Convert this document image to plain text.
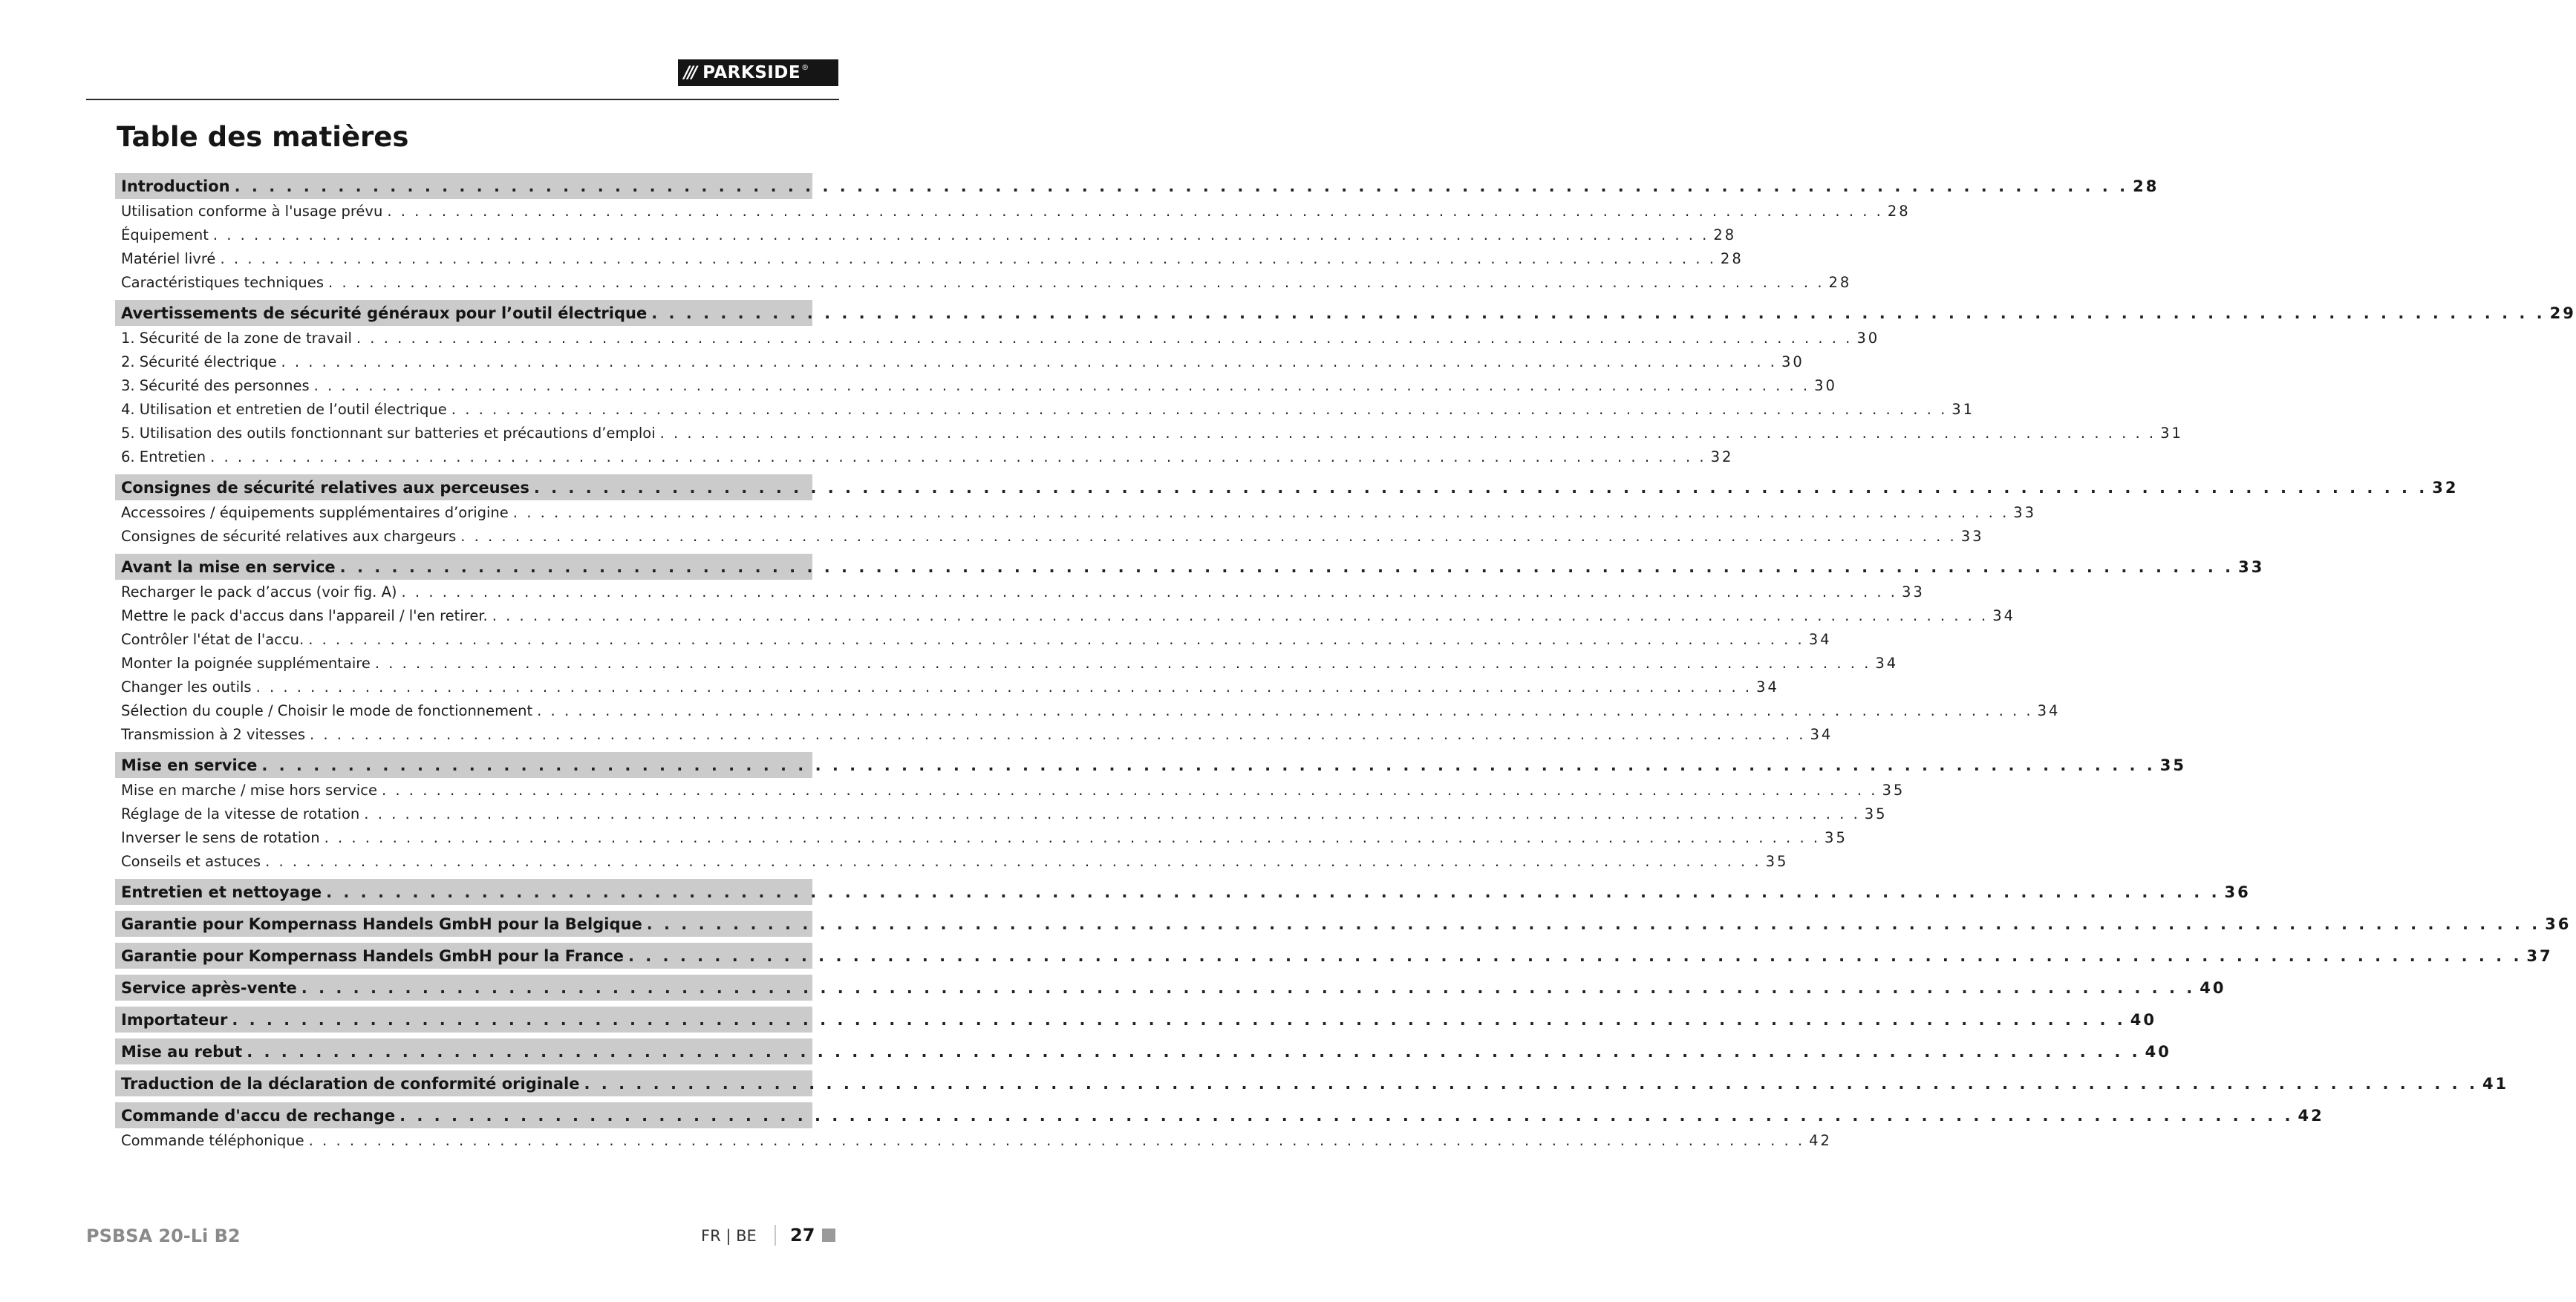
/// PARKSIDE ®
Table des matières
Introduction . . . . . . . . . . . . . . . . . . . . . . . . . . . . . . . . . . . . . . . . . . . . . . . . . . . . . . . . . . . . . . . . . . . . . . . . . . . . . . . . . . . . . . . . . . . . . . . . . . . . . . . . . . . . . . 28
Utilisation conforme à l'usage prévu . . . . . . . . . . . . . . . . . . . . . . . . . . . . . . . . . . . . . . . . . . . . . . . . . . . . . . . . . . . . . . . . . . . . . . . . . . . . . . . . . . . . . . . . . . . . . . . . . . . . . . . . . . . . . . 28
Équipement . . . . . . . . . . . . . . . . . . . . . . . . . . . . . . . . . . . . . . . . . . . . . . . . . . . . . . . . . . . . . . . . . . . . . . . . . . . . . . . . . . . . . . . . . . . . . . . . . . . . . . . . . . . . . . 28
Matériel livré . . . . . . . . . . . . . . . . . . . . . . . . . . . . . . . . . . . . . . . . . . . . . . . . . . . . . . . . . . . . . . . . . . . . . . . . . . . . . . . . . . . . . . . . . . . . . . . . . . . . . . . . . . . . . . 28
Caractéristiques techniques . . . . . . . . . . . . . . . . . . . . . . . . . . . . . . . . . . . . . . . . . . . . . . . . . . . . . . . . . . . . . . . . . . . . . . . . . . . . . . . . . . . . . . . . . . . . . . . . . . . . . . . . . . . . . . 28
Avertissements de sécurité généraux pour l’outil électrique . . . . . . . . . . . . . . . . . . . . . . . . . . . . . . . . . . . . . . . . . . . . . . . . . . . . . . . . . . . . . . . . . . . . . . . . . . . . . . . . . . . . . . . . . . . . . . . . . . . . . . . . . . . . . . 29
1. Sécurité de la zone de travail . . . . . . . . . . . . . . . . . . . . . . . . . . . . . . . . . . . . . . . . . . . . . . . . . . . . . . . . . . . . . . . . . . . . . . . . . . . . . . . . . . . . . . . . . . . . . . . . . . . . . . . . . . . . . . 30
2. Sécurité électrique . . . . . . . . . . . . . . . . . . . . . . . . . . . . . . . . . . . . . . . . . . . . . . . . . . . . . . . . . . . . . . . . . . . . . . . . . . . . . . . . . . . . . . . . . . . . . . . . . . . . . . . . . . . . . . 30
3. Sécurité des personnes . . . . . . . . . . . . . . . . . . . . . . . . . . . . . . . . . . . . . . . . . . . . . . . . . . . . . . . . . . . . . . . . . . . . . . . . . . . . . . . . . . . . . . . . . . . . . . . . . . . . . . . . . . . . . . 30
4. Utilisation et entretien de l’outil électrique . . . . . . . . . . . . . . . . . . . . . . . . . . . . . . . . . . . . . . . . . . . . . . . . . . . . . . . . . . . . . . . . . . . . . . . . . . . . . . . . . . . . . . . . . . . . . . . . . . . . . . . . . . . . . . 31
5. Utilisation des outils fonctionnant sur batteries et précautions d’emploi . . . . . . . . . . . . . . . . . . . . . . . . . . . . . . . . . . . . . . . . . . . . . . . . . . . . . . . . . . . . . . . . . . . . . . . . . . . . . . . . . . . . . . . . . . . . . . . . . . . . . . . . . . . . . . 31
6. Entretien . . . . . . . . . . . . . . . . . . . . . . . . . . . . . . . . . . . . . . . . . . . . . . . . . . . . . . . . . . . . . . . . . . . . . . . . . . . . . . . . . . . . . . . . . . . . . . . . . . . . . . . . . . . . . . 32
Consignes de sécurité relatives aux perceuses . . . . . . . . . . . . . . . . . . . . . . . . . . . . . . . . . . . . . . . . . . . . . . . . . . . . . . . . . . . . . . . . . . . . . . . . . . . . . . . . . . . . . . . . . . . . . . . . . . . . . . . . . . . . . . 32
Accessoires / équipements supplémentaires d’origine . . . . . . . . . . . . . . . . . . . . . . . . . . . . . . . . . . . . . . . . . . . . . . . . . . . . . . . . . . . . . . . . . . . . . . . . . . . . . . . . . . . . . . . . . . . . . . . . . . . . . . . . . . . . . . 33
Consignes de sécurité relatives aux chargeurs . . . . . . . . . . . . . . . . . . . . . . . . . . . . . . . . . . . . . . . . . . . . . . . . . . . . . . . . . . . . . . . . . . . . . . . . . . . . . . . . . . . . . . . . . . . . . . . . . . . . . . . . . . . . . . 33
Avant la mise en service . . . . . . . . . . . . . . . . . . . . . . . . . . . . . . . . . . . . . . . . . . . . . . . . . . . . . . . . . . . . . . . . . . . . . . . . . . . . . . . . . . . . . . . . . . . . . . . . . . . . . . . . . . . . . . 33
Recharger le pack d’accus (voir fig. A) . . . . . . . . . . . . . . . . . . . . . . . . . . . . . . . . . . . . . . . . . . . . . . . . . . . . . . . . . . . . . . . . . . . . . . . . . . . . . . . . . . . . . . . . . . . . . . . . . . . . . . . . . . . . . . 33
Mettre le pack d'accus dans l'appareil / l'en retirer. . . . . . . . . . . . . . . . . . . . . . . . . . . . . . . . . . . . . . . . . . . . . . . . . . . . . . . . . . . . . . . . . . . . . . . . . . . . . . . . . . . . . . . . . . . . . . . . . . . . . . . . . . . . . . . 34
Contrôler l'état de l'accu. . . . . . . . . . . . . . . . . . . . . . . . . . . . . . . . . . . . . . . . . . . . . . . . . . . . . . . . . . . . . . . . . . . . . . . . . . . . . . . . . . . . . . . . . . . . . . . . . . . . . . . . . . . . . . . 34
Monter la poignée supplémentaire . . . . . . . . . . . . . . . . . . . . . . . . . . . . . . . . . . . . . . . . . . . . . . . . . . . . . . . . . . . . . . . . . . . . . . . . . . . . . . . . . . . . . . . . . . . . . . . . . . . . . . . . . . . . . . 34
Changer les outils . . . . . . . . . . . . . . . . . . . . . . . . . . . . . . . . . . . . . . . . . . . . . . . . . . . . . . . . . . . . . . . . . . . . . . . . . . . . . . . . . . . . . . . . . . . . . . . . . . . . . . . . . . . . . . 34
Sélection du couple / Choisir le mode de fonctionnement . . . . . . . . . . . . . . . . . . . . . . . . . . . . . . . . . . . . . . . . . . . . . . . . . . . . . . . . . . . . . . . . . . . . . . . . . . . . . . . . . . . . . . . . . . . . . . . . . . . . . . . . . . . . . . 34
Transmission à 2 vitesses . . . . . . . . . . . . . . . . . . . . . . . . . . . . . . . . . . . . . . . . . . . . . . . . . . . . . . . . . . . . . . . . . . . . . . . . . . . . . . . . . . . . . . . . . . . . . . . . . . . . . . . . . . . . . . 34
Mise en service . . . . . . . . . . . . . . . . . . . . . . . . . . . . . . . . . . . . . . . . . . . . . . . . . . . . . . . . . . . . . . . . . . . . . . . . . . . . . . . . . . . . . . . . . . . . . . . . . . . . . . . . . . . . . . 35
Mise en marche / mise hors service . . . . . . . . . . . . . . . . . . . . . . . . . . . . . . . . . . . . . . . . . . . . . . . . . . . . . . . . . . . . . . . . . . . . . . . . . . . . . . . . . . . . . . . . . . . . . . . . . . . . . . . . . . . . . . 35
Réglage de la vitesse de rotation . . . . . . . . . . . . . . . . . . . . . . . . . . . . . . . . . . . . . . . . . . . . . . . . . . . . . . . . . . . . . . . . . . . . . . . . . . . . . . . . . . . . . . . . . . . . . . . . . . . . . . . . . . . . . . 35
Inverser le sens de rotation . . . . . . . . . . . . . . . . . . . . . . . . . . . . . . . . . . . . . . . . . . . . . . . . . . . . . . . . . . . . . . . . . . . . . . . . . . . . . . . . . . . . . . . . . . . . . . . . . . . . . . . . . . . . . . 35
Conseils et astuces . . . . . . . . . . . . . . . . . . . . . . . . . . . . . . . . . . . . . . . . . . . . . . . . . . . . . . . . . . . . . . . . . . . . . . . . . . . . . . . . . . . . . . . . . . . . . . . . . . . . . . . . . . . . . . 35
Entretien et nettoyage . . . . . . . . . . . . . . . . . . . . . . . . . . . . . . . . . . . . . . . . . . . . . . . . . . . . . . . . . . . . . . . . . . . . . . . . . . . . . . . . . . . . . . . . . . . . . . . . . . . . . . . . . . . . . . 36
Garantie pour Kompernass Handels GmbH pour la Belgique . . . . . . . . . . . . . . . . . . . . . . . . . . . . . . . . . . . . . . . . . . . . . . . . . . . . . . . . . . . . . . . . . . . . . . . . . . . . . . . . . . . . . . . . . . . . . . . . . . . . . . . . . . . . . . 36
Garantie pour Kompernass Handels GmbH pour la France . . . . . . . . . . . . . . . . . . . . . . . . . . . . . . . . . . . . . . . . . . . . . . . . . . . . . . . . . . . . . . . . . . . . . . . . . . . . . . . . . . . . . . . . . . . . . . . . . . . . . . . . . . . . . . 37
Service après-vente . . . . . . . . . . . . . . . . . . . . . . . . . . . . . . . . . . . . . . . . . . . . . . . . . . . . . . . . . . . . . . . . . . . . . . . . . . . . . . . . . . . . . . . . . . . . . . . . . . . . . . . . . . . . . . 40
Importateur . . . . . . . . . . . . . . . . . . . . . . . . . . . . . . . . . . . . . . . . . . . . . . . . . . . . . . . . . . . . . . . . . . . . . . . . . . . . . . . . . . . . . . . . . . . . . . . . . . . . . . . . . . . . . . 40
Mise au rebut . . . . . . . . . . . . . . . . . . . . . . . . . . . . . . . . . . . . . . . . . . . . . . . . . . . . . . . . . . . . . . . . . . . . . . . . . . . . . . . . . . . . . . . . . . . . . . . . . . . . . . . . . . . . . . 40
Traduction de la déclaration de conformité originale . . . . . . . . . . . . . . . . . . . . . . . . . . . . . . . . . . . . . . . . . . . . . . . . . . . . . . . . . . . . . . . . . . . . . . . . . . . . . . . . . . . . . . . . . . . . . . . . . . . . . . . . . . . . . . 41
Commande d'accu de rechange . . . . . . . . . . . . . . . . . . . . . . . . . . . . . . . . . . . . . . . . . . . . . . . . . . . . . . . . . . . . . . . . . . . . . . . . . . . . . . . . . . . . . . . . . . . . . . . . . . . . . . . . . . . . . . 42
Commande téléphonique . . . . . . . . . . . . . . . . . . . . . . . . . . . . . . . . . . . . . . . . . . . . . . . . . . . . . . . . . . . . . . . . . . . . . . . . . . . . . . . . . . . . . . . . . . . . . . . . . . . . . . . . . . . . . . 42
PSBSA 20-Li B2	FR | BE 27
